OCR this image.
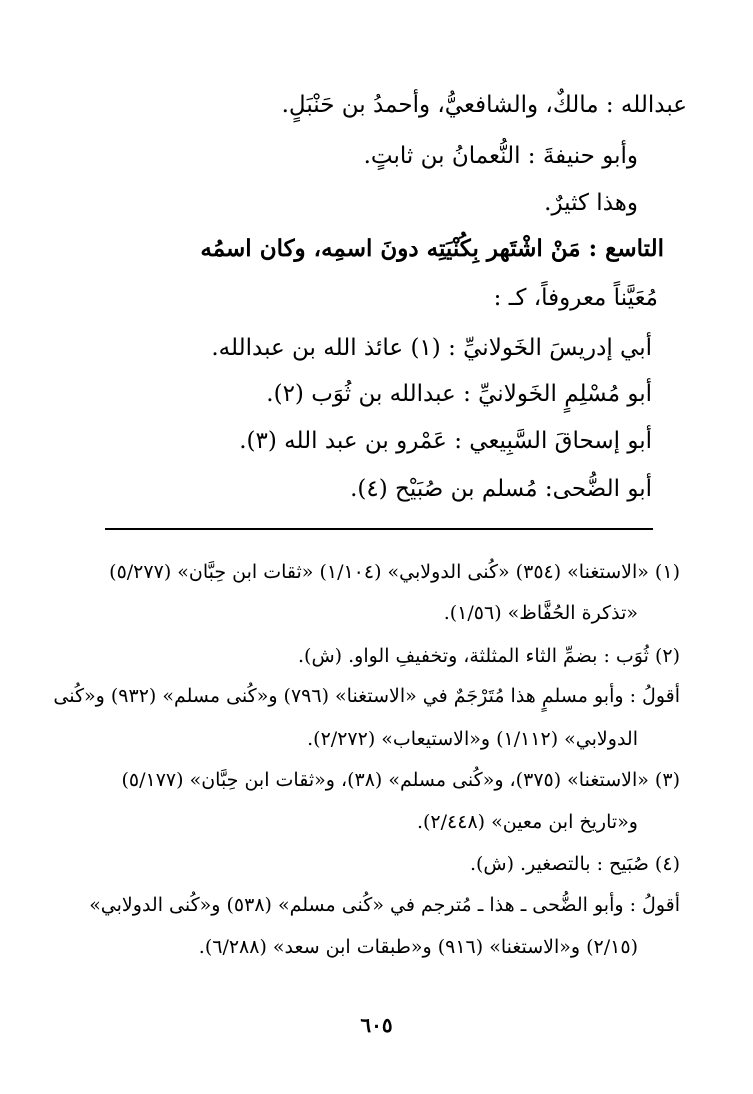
عبدالله : مالكٌ، والشافعيُّ، وأحمدُ بن حَنْبَلٍ.
وأبو حنيفةَ : النُّعمانُ بن ثابتٍ.
وهذا كثيرٌ.
التاسع : مَنْ اشْتَهر بِكُنْيَتِه دونَ اسمِه، وكان اسمُه
مُعَيَّناً معروفاً، كـ :
أبي إدريسَ الخَولانيِّ : (١) عائذ الله بن عبدالله.
أبو مُسْلِمٍ الخَولانيِّ : عبدالله بن ثُوَب (٢).
أبو إسحاقَ السَّبِيعي : عَمْرو بن عبد الله (٣).
أبو الضُّحى: مُسلم بن صُبَيْح (٤).
(١) «الاستغنا» (٣٥٤) «كُنى الدولابي» (١/١٠٤) «ثقات ابن حِبَّان» (٥/٢٧٧)
«تذكرة الحُفَّاظ» (١/٥٦).
(٢) ثُوَب : بضمِّ الثاء المثلثة، وتخفيفِ الواو. (ش).
أقولُ : وأبو مسلمٍ هذا مُتَرْجَمٌ في «الاستغنا» (٧٩٦) و«كُنى مسلم» (٩٣٢) و«كُنى
الدولابي» (١/١١٢) و«الاستيعاب» (٢/٢٧٢).
(٣) «الاستغنا» (٣٧٥)، و«كُنى مسلم» (٣٨)، و«ثقات ابن حِبَّان» (٥/١٧٧)
و«تاريخ ابن معين» (٢/٤٤٨).
(٤) صُبَيح : بالتصغير. (ش).
أقولُ : وأبو الضُّحى ـ هذا ـ مُترجم في «كُنى مسلم» (٥٣٨) و«كُنى الدولابي»
(٢/١٥) و«الاستغنا» (٩١٦) و«طبقات ابن سعد» (٦/٢٨٨).
٦٠٥
